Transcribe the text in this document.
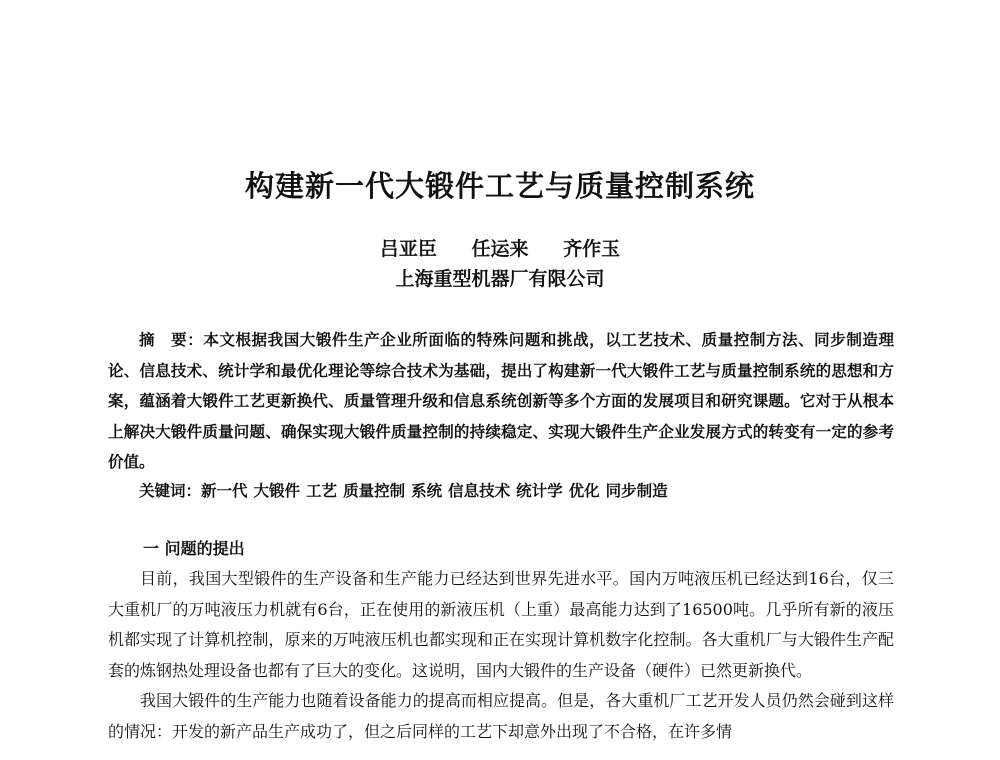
构建新一代大锻件工艺与质量控制系统
吕亚臣 任运来 齐作玉
上海重型机器厂有限公司

摘　要：本文根据我国大锻件生产企业所面临的特殊问题和挑战，以工艺技术、质量控制方法、同步制造理论、信息技术、统计学和最优化理论等综合技术为基础，提出了构建新一代大锻件工艺与质量控制系统的思想和方案，蕴涵着大锻件工艺更新换代、质量管理升级和信息系统创新等多个方面的发展项目和研究课题。它对于从根本上解决大锻件质量问题、确保实现大锻件质量控制的持续稳定、实现大锻件生产企业发展方式的转变有一定的参考价值。

关键词：新一代 大锻件 工艺 质量控制 系统 信息技术 统计学 优化 同步制造

一 问题的提出

目前，我国大型锻件的生产设备和生产能力已经达到世界先进水平。国内万吨液压机已经达到16台，仅三大重机厂的万吨液压力机就有6台，正在使用的新液压机（上重）最高能力达到了16500吨。几乎所有新的液压机都实现了计算机控制，原来的万吨液压机也都实现和正在实现计算机数字化控制。各大重机厂与大锻件生产配套的炼钢热处理设备也都有了巨大的变化。这说明，国内大锻件的生产设备（硬件）已然更新换代。

我国大锻件的生产能力也随着设备能力的提高而相应提高。但是，各大重机厂工艺开发人员仍然会碰到这样的情况：开发的新产品生产成功了，但之后同样的工艺下却意外出现了不合格，在许多情
